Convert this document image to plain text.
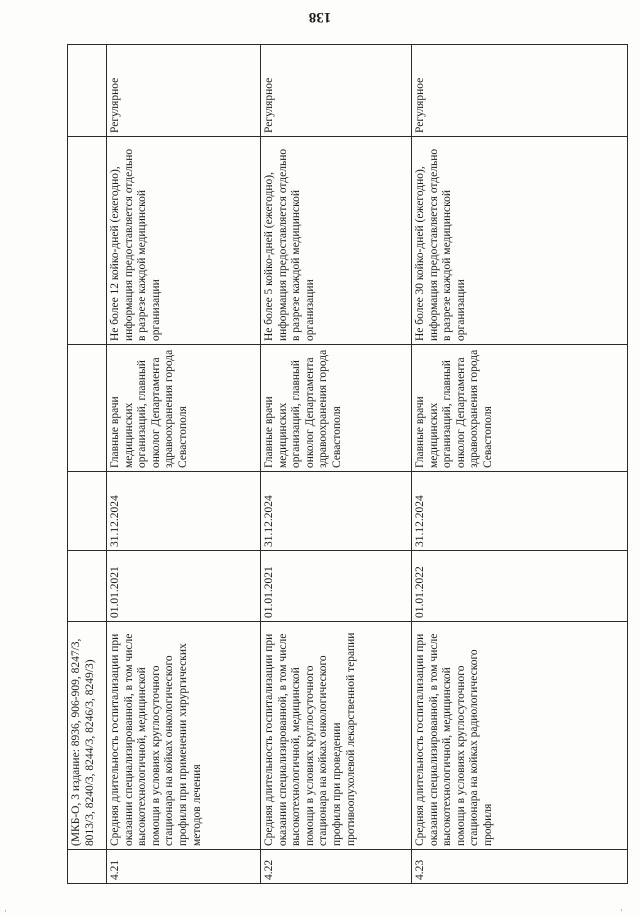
138
(МКБ-О, 3 издание: 8936, 906-909, 8247/3, 8013/3, 8240/3, 8244/3, 8246/3, 8249/3)
4.21
Средняя длительность госпитализации при оказании специализированной, в том числе высокотехнологичной, медицинской помощи в условиях круглосуточного стационара на койках онкологического профиля при применении хирургических методов лечения
01.01.2021
31.12.2024
Главные врачи медицинских организаций, главный онколог Департамента здравоохранения города Севастополя
Не более 12 койко-дней (ежегодно), информация предоставляется отдельно в разрезе каждой медицинской организации
Регулярное
4.22
Средняя длительность госпитализации при оказании специализированной, в том числе высокотехнологичной, медицинской помощи в условиях круглосуточного стационара на койках онкологического профиля при проведении противоопухолевой лекарственной терапии
01.01.2021
31.12.2024
Главные врачи медицинских организаций, главный онколог Департамента здравоохранения города Севастополя
Не более 5 койко-дней (ежегодно), информация предоставляется отдельно в разрезе каждой медицинской организации
Регулярное
4.23
Средняя длительность госпитализации при оказании специализированной, в том числе высокотехнологичной, медицинской помощи в условиях круглосуточного стационара на койках радиологического профиля
01.01.2022
31.12.2024
Главные врачи медицинских организаций, главный онколог Департамента здравоохранения города Севастополя
Не более 30 койко-дней (ежегодно), информация предоставляется отдельно в разрезе каждой медицинской организации
Регулярное
·
·
